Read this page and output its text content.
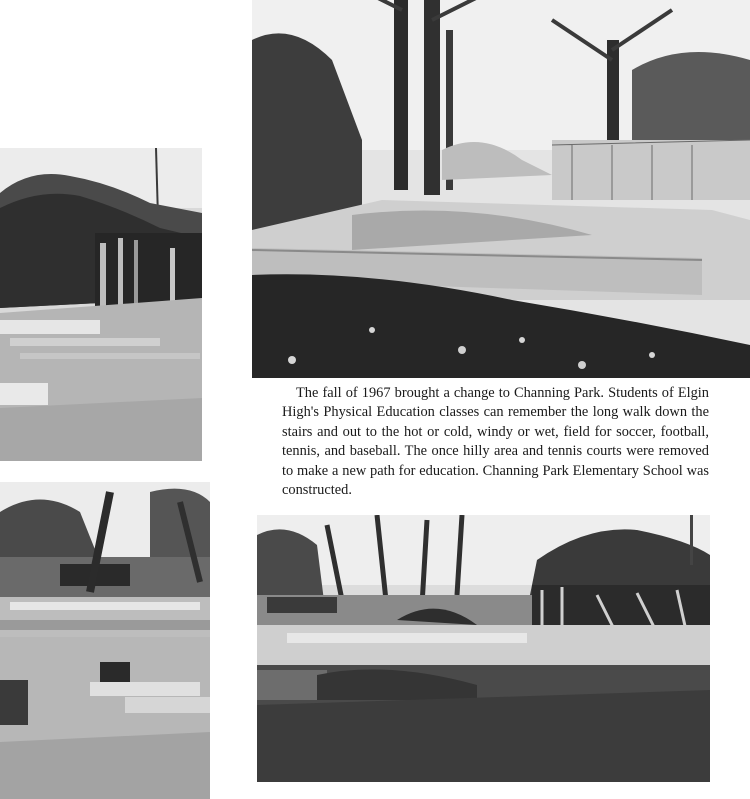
The fall of 1967 brought a change to Channing Park. Students of Elgin High's Physical Education classes can remember the long walk down the stairs and out to the hot or cold, windy or wet, field for soccer, football, tennis, and baseball. The once hilly area and tennis courts were removed to make a new path for education. Channing Park Elementary School was constructed.
